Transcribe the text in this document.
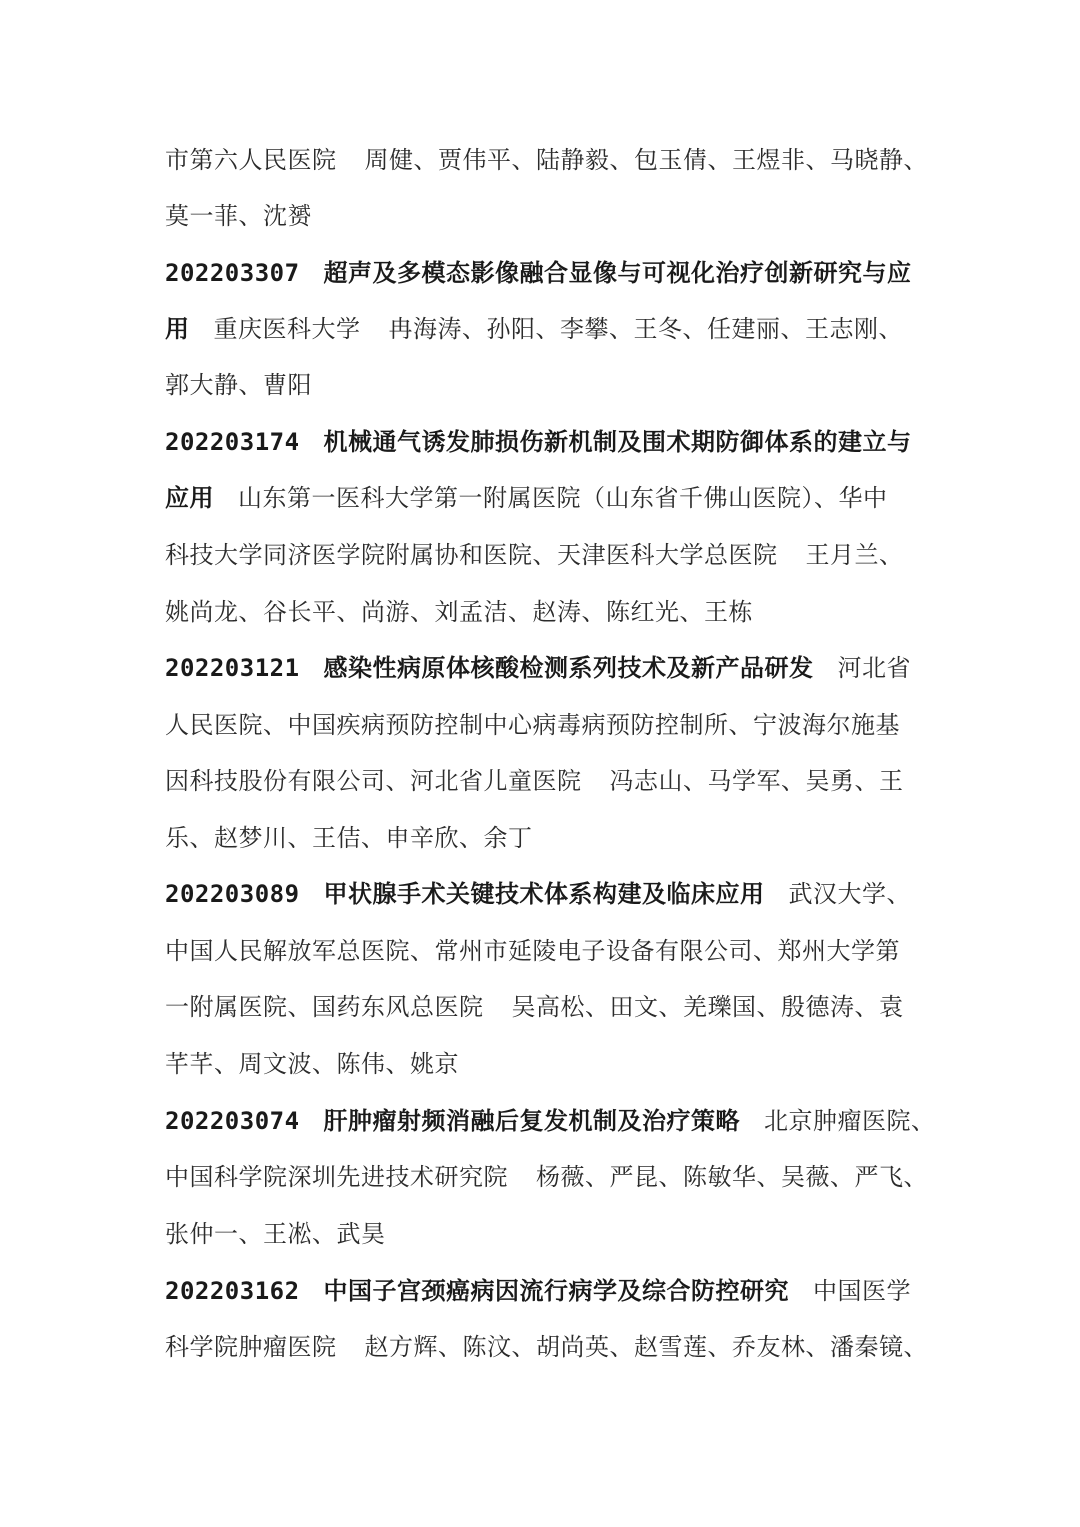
市第六人民医院 周健、贾伟平、陆静毅、包玉倩、王煜非、马晓静、
莫一菲、沈赟
202203307 超声及多模态影像融合显像与可视化治疗创新研究与应
用 重庆医科大学 冉海涛、孙阳、李攀、王冬、任建丽、王志刚、
郭大静、曹阳
202203174 机械通气诱发肺损伤新机制及围术期防御体系的建立与
应用 山东第一医科大学第一附属医院（山东省千佛山医院）、华中
科技大学同济医学院附属协和医院、天津医科大学总医院 王月兰、
姚尚龙、谷长平、尚游、刘孟洁、赵涛、陈红光、王栋
202203121 感染性病原体核酸检测系列技术及新产品研发 河北省
人民医院、中国疾病预防控制中心病毒病预防控制所、宁波海尔施基
因科技股份有限公司、河北省儿童医院 冯志山、马学军、吴勇、王
乐、赵梦川、王佶、申辛欣、余丁
202203089 甲状腺手术关键技术体系构建及临床应用 武汉大学、
中国人民解放军总医院、常州市延陵电子设备有限公司、郑州大学第
一附属医院、国药东风总医院 吴高松、田文、羌瓅国、殷德涛、袁
芊芊、周文波、陈伟、姚京
202203074 肝肿瘤射频消融后复发机制及治疗策略 北京肿瘤医院、
中国科学院深圳先进技术研究院 杨薇、严昆、陈敏华、吴薇、严飞、
张仲一、王凇、武昊
202203162 中国子宫颈癌病因流行病学及综合防控研究 中国医学
科学院肿瘤医院 赵方辉、陈汶、胡尚英、赵雪莲、乔友林、潘秦镜、
